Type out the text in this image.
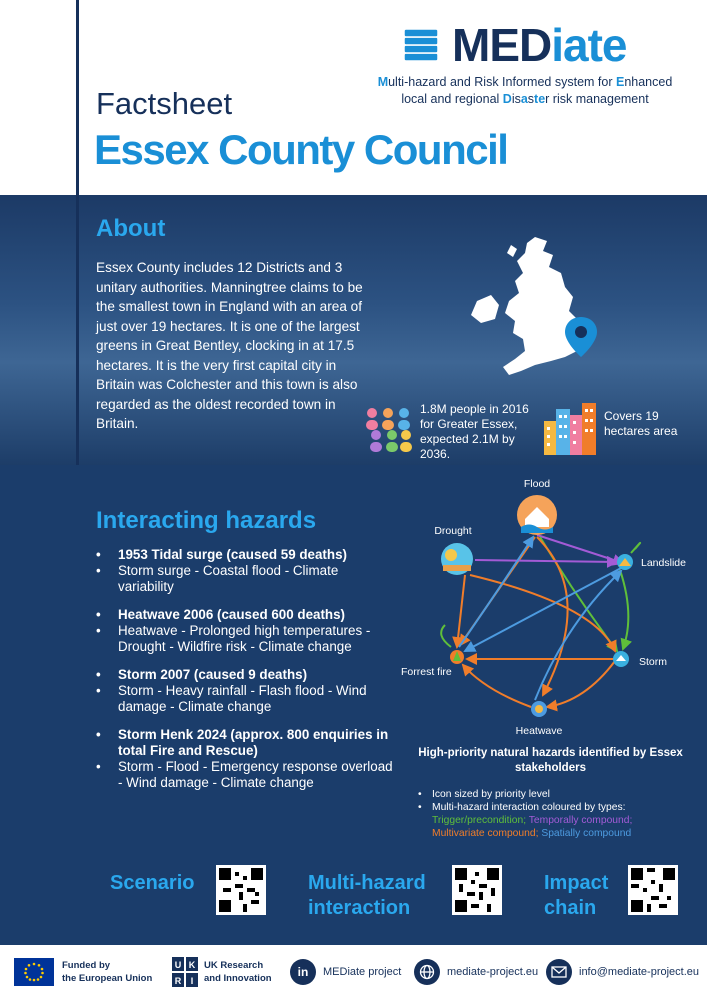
MEDiate
Multi-hazard and Risk Informed system for Enhanced
local and regional Disaster risk management
Factsheet
Essex County Council
About
Essex County includes 12 Districts and 3 unitary authorities. Manningtree claims to be the smallest town in England with an area of just over 19 hectares. It is one of the largest greens in Great Bentley, clocking in at 17.5 hectares. It is the very first capital city in Britain was Colchester and this town is also regarded as the oldest recorded town in Britain.
1.8M people in 2016 for Greater Essex, expected 2.1M by 2036.
Covers 19 hectares area
Interacting hazards
•	1953 Tidal surge (caused 59 deaths)
•	Storm surge - Coastal flood - Climate variability
•	Heatwave 2006 (caused 600 deaths)
•	Heatwave - Prolonged high temperatures - Drought - Wildfire risk - Climate change
•	Storm 2007 (caused 9 deaths)
•	Storm - Heavy rainfall - Flash flood - Wind damage - Climate change
•	Storm Henk 2024 (approx. 800 enquiries in total Fire and Rescue)
•	Storm - Flood - Emergency response overload - Wind damage - Climate change
Flood
Drought
Landslide
Forrest fire
Storm
Heatwave
High-priority natural hazards identified by Essex stakeholders
•	Icon sized by priority level
•	Multi-hazard interaction coloured by types:
Trigger/precondition; Temporally compound;
Multivariate compound; Spatially compound
Scenario	Multi-hazard
interaction
Impact
chain
Funded by
the European Union
U K
R I
UK Research
and Innovation	in	MEDiate project	mediate-project.eu	info@mediate-project.eu
